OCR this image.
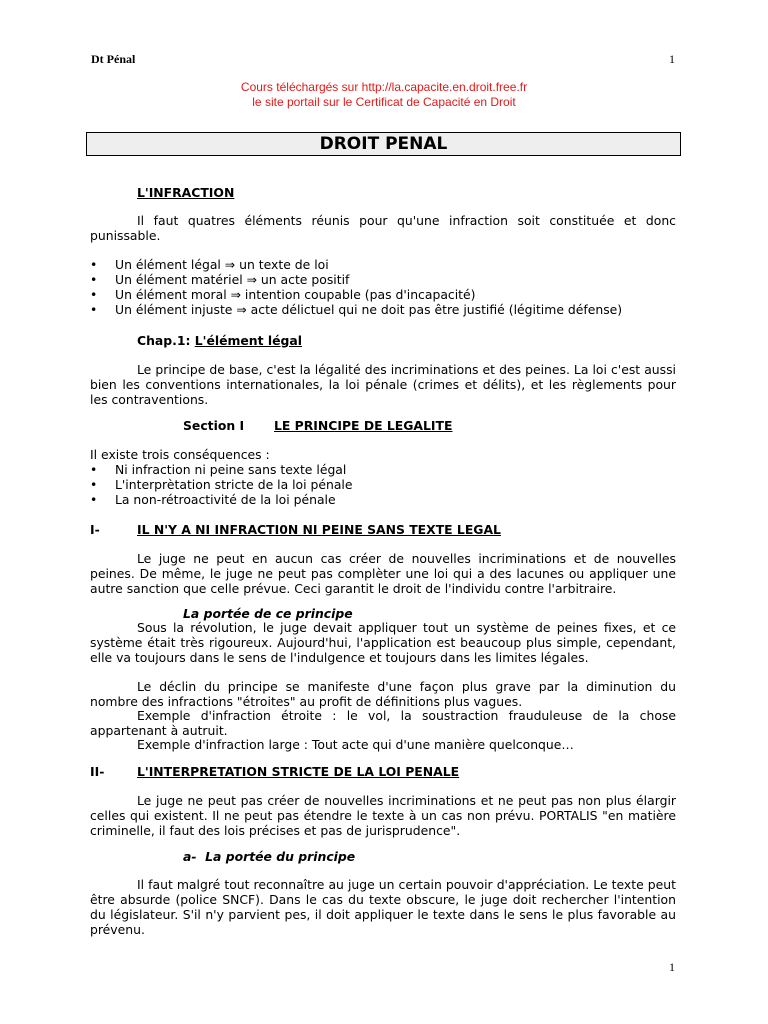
Dt Pénal	1
Cours téléchargés sur http://la.capacite.en.droit.free.fr
le site portail sur le Certificat de Capacité en Droit
DROIT PENAL
L'INFRACTION
Il faut quatres éléments réunis pour qu'une infraction soit constituée et donc punissable.
• Un élément légal ⇒ un texte de loi
• Un élément matériel ⇒ un acte positif
• Un élément moral ⇒ intention coupable (pas d'incapacité)
• Un élément injuste ⇒ acte délictuel qui ne doit pas être justifié (légitime défense)
Chap.1: L'élément légal
Le principe de base, c'est la légalité des incriminations et des peines. La loi c'est aussi bien les conventions internationales, la loi pénale (crimes et délits), et les règlements pour les contraventions.
Section I LE PRINCIPE DE LEGALITE
Il existe trois conséquences :
• Ni infraction ni peine sans texte légal
• L'interprètation stricte de la loi pénale
• La non-rétroactivité de la loi pénale
I-	IL N'Y A NI INFRACTI0N NI PEINE SANS TEXTE LEGAL
Le juge ne peut en aucun cas créer de nouvelles incriminations et de nouvelles peines. De même, le juge ne peut pas complèter une loi qui a des lacunes ou appliquer une autre sanction que celle prévue. Ceci garantit le droit de l'individu contre l'arbitraire.
La portée de ce principe
Sous la révolution, le juge devait appliquer tout un système de peines fixes, et ce système était très rigoureux. Aujourd'hui, l'application est beaucoup plus simple, cependant, elle va toujours dans le sens de l'indulgence et toujours dans les limites légales.
Le déclin du principe se manifeste d'une façon plus grave par la diminution du nombre des infractions "étroites" au profit de définitions plus vagues.
Exemple d'infraction étroite : le vol, la soustraction frauduleuse de la chose appartenant à autruit.
Exemple d'infraction large : Tout acte qui d'une manière quelconque…
II-	L'INTERPRETATION STRICTE DE LA LOI PENALE
Le juge ne peut pas créer de nouvelles incriminations et ne peut pas non plus élargir celles qui existent. Il ne peut pas étendre le texte à un cas non prévu. PORTALIS "en matière criminelle, il faut des lois précises et pas de jurisprudence".
a- La portée du principe
Il faut malgré tout reconnaître au juge un certain pouvoir d'appréciation. Le texte peut être absurde (police SNCF). Dans le cas du texte obscure, le juge doit rechercher l'intention du législateur. S'il n'y parvient pes, il doit appliquer le texte dans le sens le plus favorable au prévenu.
1
